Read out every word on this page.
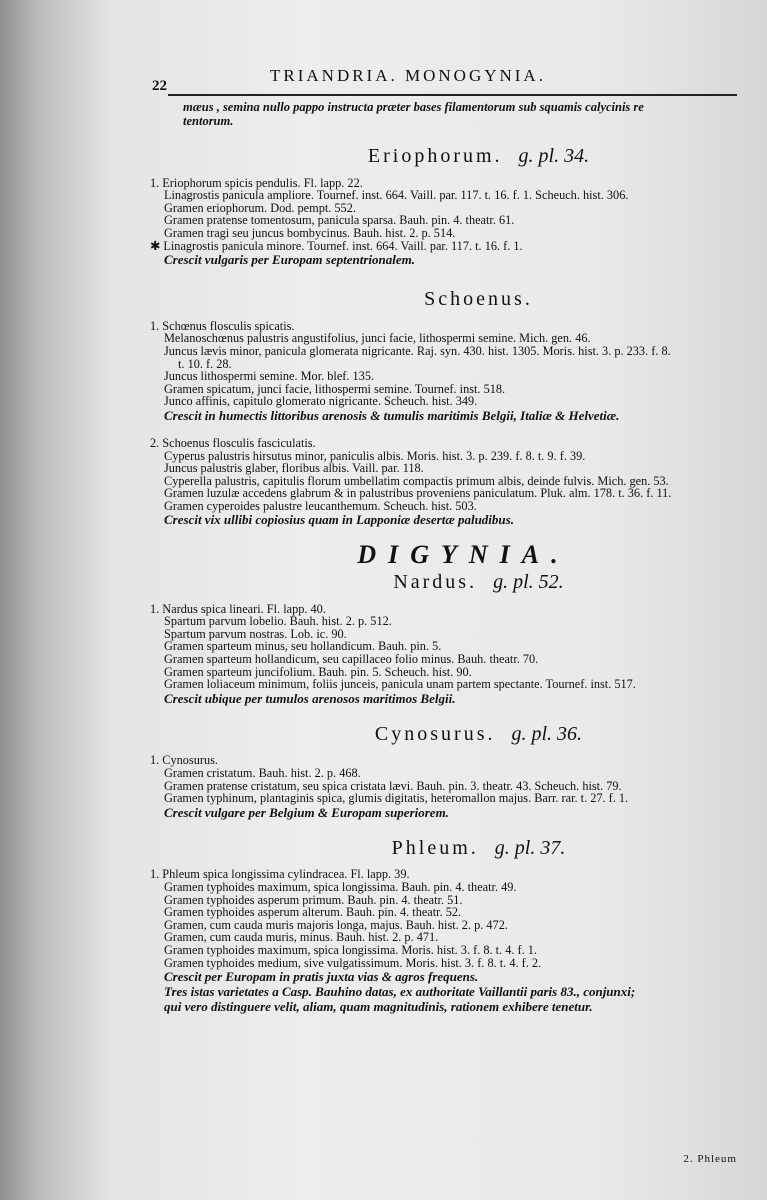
22
TRIANDRIA. MONOGYNIA.
mæus , semina nullo pappo instructa præter bases filamentorum sub squamis calycinis re
tentorum.
Eriophorum. g. pl. 34.
1. Eriophorum spicis pendulis. Fl. lapp. 22.
Linagrostis panicula ampliore. Tournef. inst. 664. Vaill. par. 117. t. 16. f. 1. Scheuch. hist. 306.
Gramen eriophorum. Dod. pempt. 552.
Gramen pratense tomentosum, panicula sparsa. Bauh. pin. 4. theatr. 61.
Gramen tragi seu juncus bombycinus. Bauh. hist. 2. p. 514.
✱ Linagrostis panicula minore. Tournef. inst. 664. Vaill. par. 117. t. 16. f. 1.
Crescit vulgaris per Europam septentrionalem.
Schoenus.
1. Schœnus flosculis spicatis.
Melanoschœnus palustris angustifolius, junci facie, lithospermi semine. Mich. gen. 46.
Juncus lævis minor, panicula glomerata nigricante. Raj. syn. 430. hist. 1305. Moris. hist. 3. p. 233. f. 8.
t. 10. f. 28.
Juncus lithospermi semine. Mor. blef. 135.
Gramen spicatum, junci facie, lithospermi semine. Tournef. inst. 518.
Junco affinis, capitulo glomerato nigricante. Scheuch. hist. 349.
Crescit in humectis littoribus arenosis & tumulis maritimis Belgii, Italiæ & Helvetiæ.
2. Schoenus flosculis fasciculatis.
Cyperus palustris hirsutus minor, paniculis albis. Moris. hist. 3. p. 239. f. 8. t. 9. f. 39.
Juncus palustris glaber, floribus albis. Vaill. par. 118.
Cyperella palustris, capitulis florum umbellatim compactis primum albis, deinde fulvis. Mich. gen. 53.
Gramen luzulæ accedens glabrum & in palustribus proveniens paniculatum. Pluk. alm. 178. t. 36. f. 11.
Gramen cyperoides palustre leucanthemum. Scheuch. hist. 503.
Crescit vix ullibi copiosius quam in Lapponiæ desertæ paludibus.
DIGYNIA.
Nardus. g. pl. 52.
1. Nardus spica lineari. Fl. lapp. 40.
Spartum parvum lobelio. Bauh. hist. 2. p. 512.
Spartum parvum nostras. Lob. ic. 90.
Gramen sparteum minus, seu hollandicum. Bauh. pin. 5.
Gramen sparteum hollandicum, seu capillaceo folio minus. Bauh. theatr. 70.
Gramen sparteum juncifolium. Bauh. pin. 5. Scheuch. hist. 90.
Gramen loliaceum minimum, foliis junceis, panicula unam partem spectante. Tournef. inst. 517.
Crescit ubique per tumulos arenosos maritimos Belgii.
Cynosurus. g. pl. 36.
1. Cynosurus.
Gramen cristatum. Bauh. hist. 2. p. 468.
Gramen pratense cristatum, seu spica cristata lævi. Bauh. pin. 3. theatr. 43. Scheuch. hist. 79.
Gramen typhinum, plantaginis spica, glumis digitatis, heteromallon majus. Barr. rar. t. 27. f. 1.
Crescit vulgare per Belgium & Europam superiorem.
Phleum. g. pl. 37.
1. Phleum spica longissima cylindracea. Fl. lapp. 39.
Gramen typhoides maximum, spica longissima. Bauh. pin. 4. theatr. 49.
Gramen typhoides asperum primum. Bauh. pin. 4. theatr. 51.
Gramen typhoides asperum alterum. Bauh. pin. 4. theatr. 52.
Gramen, cum cauda muris majoris longa, majus. Bauh. hist. 2. p. 472.
Gramen, cum cauda muris, minus. Bauh. hist. 2. p. 471.
Gramen typhoides maximum, spica longissima. Moris. hist. 3. f. 8. t. 4. f. 1.
Gramen typhoides medium, sive vulgatissimum. Moris. hist. 3. f. 8. t. 4. f. 2.
Crescit per Europam in pratis juxta vias & agros frequens.
Tres istas varietates a Casp. Bauhino datas, ex authoritate Vaillantii paris 83., conjunxi;
qui vero distinguere velit, aliam, quam magnitudinis, rationem exhibere tenetur.
2. Phleum
